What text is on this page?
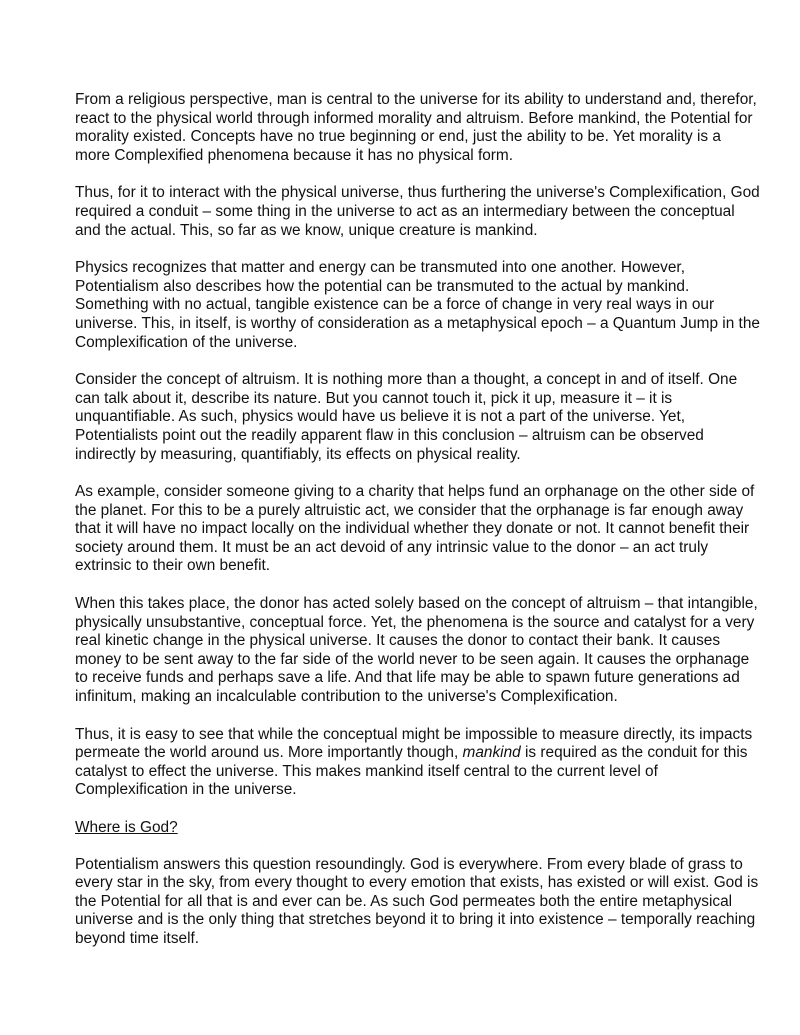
From a religious perspective, man is central to the universe for its ability to understand and, therefor, react to the physical world through informed morality and altruism. Before mankind, the Potential for morality existed. Concepts have no true beginning or end, just the ability to be. Yet morality is a more Complexified phenomena because it has no physical form.

Thus, for it to interact with the physical universe, thus furthering the universe's Complexification, God required a conduit – some thing in the universe to act as an intermediary between the conceptual and the actual. This, so far as we know, unique creature is mankind.

Physics recognizes that matter and energy can be transmuted into one another. However, Potentialism also describes how the potential can be transmuted to the actual by mankind. Something with no actual, tangible existence can be a force of change in very real ways in our universe. This, in itself, is worthy of consideration as a metaphysical epoch – a Quantum Jump in the Complexification of the universe.

Consider the concept of altruism. It is nothing more than a thought, a concept in and of itself. One can talk about it, describe its nature. But you cannot touch it, pick it up, measure it – it is unquantifiable. As such, physics would have us believe it is not a part of the universe. Yet, Potentialists point out the readily apparent flaw in this conclusion – altruism can be observed indirectly by measuring, quantifiably, its effects on physical reality.

As example, consider someone giving to a charity that helps fund an orphanage on the other side of the planet. For this to be a purely altruistic act, we consider that the orphanage is far enough away that it will have no impact locally on the individual whether they donate or not. It cannot benefit their society around them. It must be an act devoid of any intrinsic value to the donor – an act truly extrinsic to their own benefit.

When this takes place, the donor has acted solely based on the concept of altruism – that intangible, physically unsubstantive, conceptual force. Yet, the phenomena is the source and catalyst for a very real kinetic change in the physical universe. It causes the donor to contact their bank. It causes money to be sent away to the far side of the world never to be seen again. It causes the orphanage to receive funds and perhaps save a life. And that life may be able to spawn future generations ad infinitum, making an incalculable contribution to the universe's Complexification.

Thus, it is easy to see that while the conceptual might be impossible to measure directly, its impacts permeate the world around us. More importantly though, mankind is required as the conduit for this catalyst to effect the universe. This makes mankind itself central to the current level of Complexification in the universe.

Where is God?

Potentialism answers this question resoundingly. God is everywhere. From every blade of grass to every star in the sky, from every thought to every emotion that exists, has existed or will exist. God is the Potential for all that is and ever can be. As such God permeates both the entire metaphysical universe and is the only thing that stretches beyond it to bring it into existence – temporally reaching beyond time itself.
